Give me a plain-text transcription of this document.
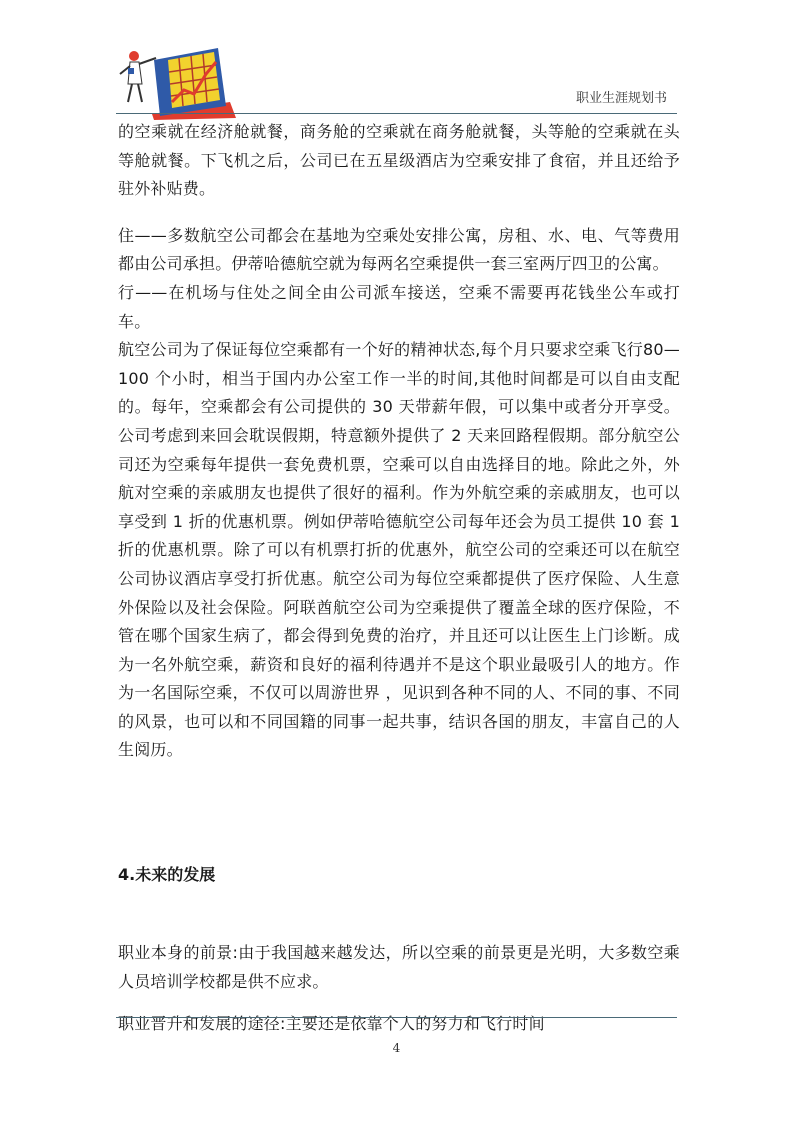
职业生涯规划书

的空乘就在经济舱就餐，商务舱的空乘就在商务舱就餐，头等舱的空乘就在头等舱就餐。下飞机之后，公司已在五星级酒店为空乘安排了食宿，并且还给予驻外补贴费。

住——多数航空公司都会在基地为空乘处安排公寓，房租、水、电、气等费用都由公司承担。伊蒂哈德航空就为每两名空乘提供一套三室两厅四卫的公寓。

行——在机场与住处之间全由公司派车接送，空乘不需要再花钱坐公车或打车。

航空公司为了保证每位空乘都有一个好的精神状态,每个月只要求空乘飞行80—100 个小时，相当于国内办公室工作一半的时间,其他时间都是可以自由支配的。每年，空乘都会有公司提供的 30 天带薪年假，可以集中或者分开享受。公司考虑到来回会耽误假期，特意额外提供了 2 天来回路程假期。部分航空公司还为空乘每年提供一套免费机票，空乘可以自由选择目的地。除此之外，外航对空乘的亲戚朋友也提供了很好的福利。作为外航空乘的亲戚朋友，也可以享受到 1 折的优惠机票。例如伊蒂哈德航空公司每年还会为员工提供 10 套 1 折的优惠机票。除了可以有机票打折的优惠外，航空公司的空乘还可以在航空公司协议酒店享受打折优惠。航空公司为每位空乘都提供了医疗保险、人生意外保险以及社会保险。阿联酋航空公司为空乘提供了覆盖全球的医疗保险，不管在哪个国家生病了，都会得到免费的治疗，并且还可以让医生上门诊断。成为一名外航空乘，薪资和良好的福利待遇并不是这个职业最吸引人的地方。作为一名国际空乘，不仅可以周游世界 ，见识到各种不同的人、不同的事、不同的风景，也可以和不同国籍的同事一起共事，结识各国的朋友，丰富自己的人生阅历。

4.未来的发展

职业本身的前景:由于我国越来越发达，所以空乘的前景更是光明，大多数空乘人员培训学校都是供不应求。

职业晋升和发展的途径:主要还是依靠个人的努力和飞行时间

4
